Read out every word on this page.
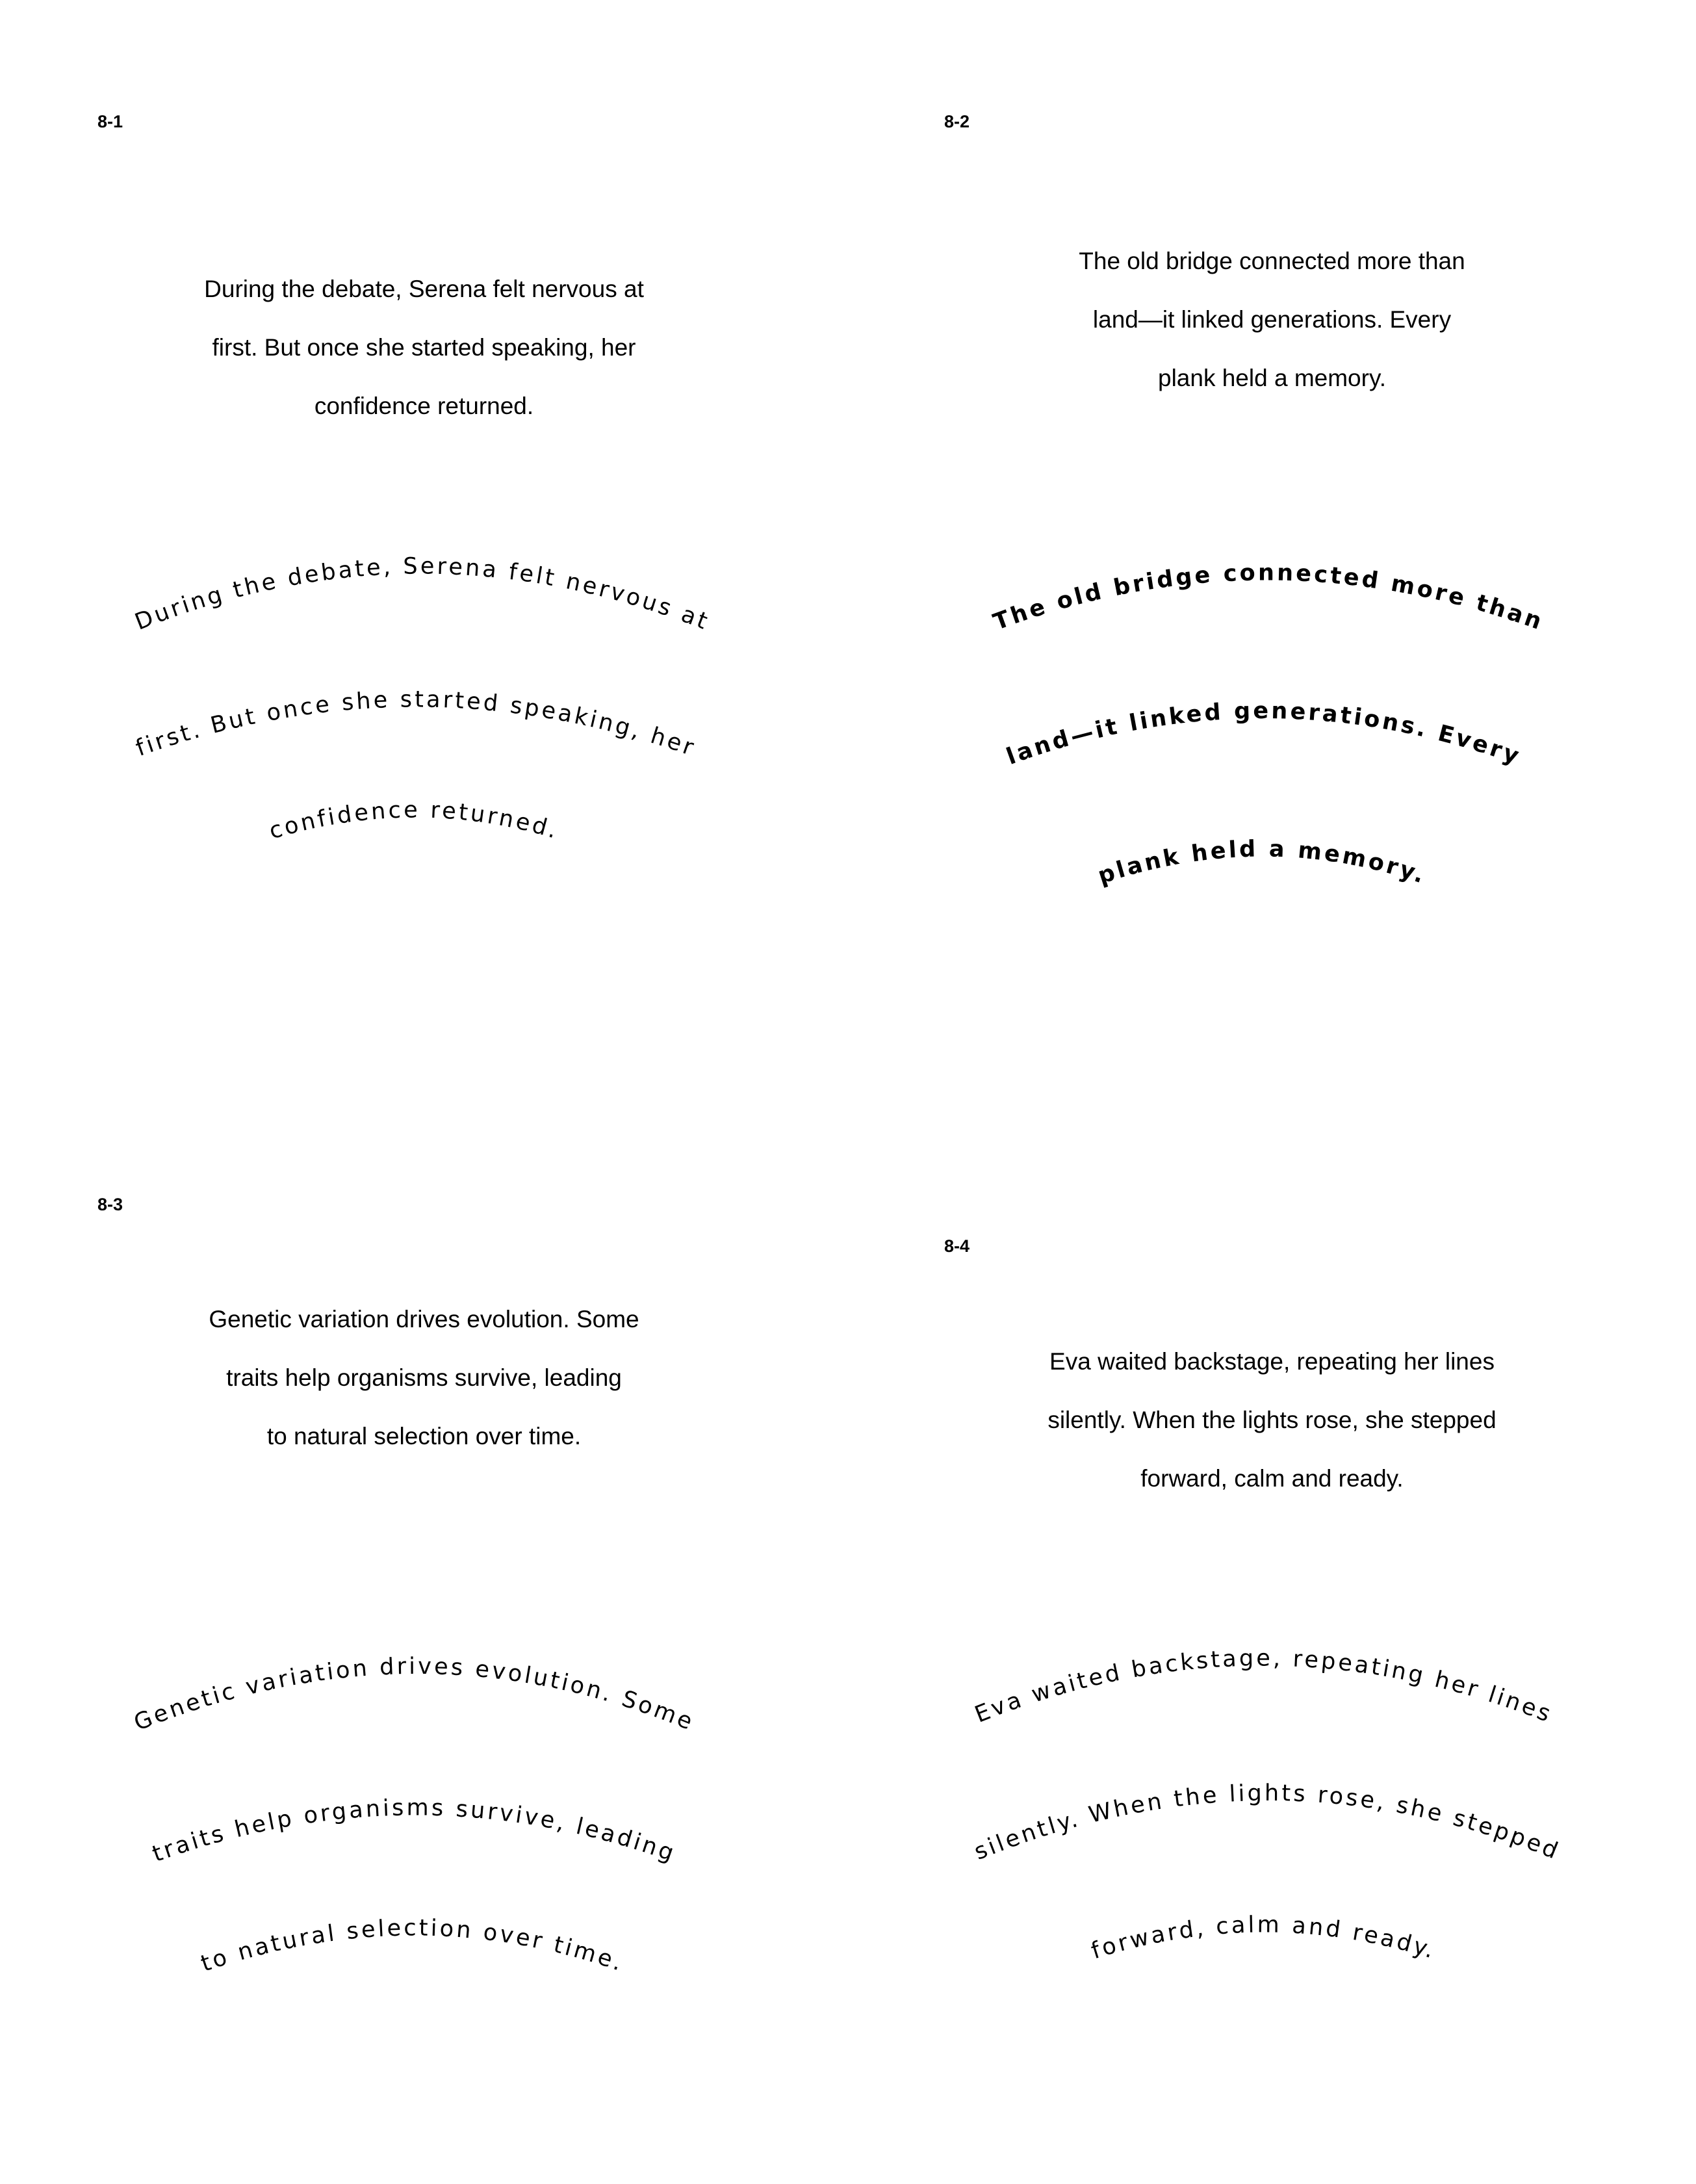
8-1
During the debate, Serena felt nervous at
first. But once she started speaking, her
confidence returned.
During the debate, Serena felt nervous at
first. But once she started speaking, her
confidence returned.
8-2
The old bridge connected more than
land—it linked generations. Every
plank held a memory.
The old bridge connected more than
land—it linked generations. Every
plank held a memory.
8-3
Genetic variation drives evolution. Some
traits help organisms survive, leading
to natural selection over time.
Genetic variation drives evolution. Some
traits help organisms survive, leading
to natural selection over time.
8-4
Eva waited backstage, repeating her lines
silently. When the lights rose, she stepped
forward, calm and ready.
Eva waited backstage, repeating her lines
silently. When the lights rose, she stepped
forward, calm and ready.
